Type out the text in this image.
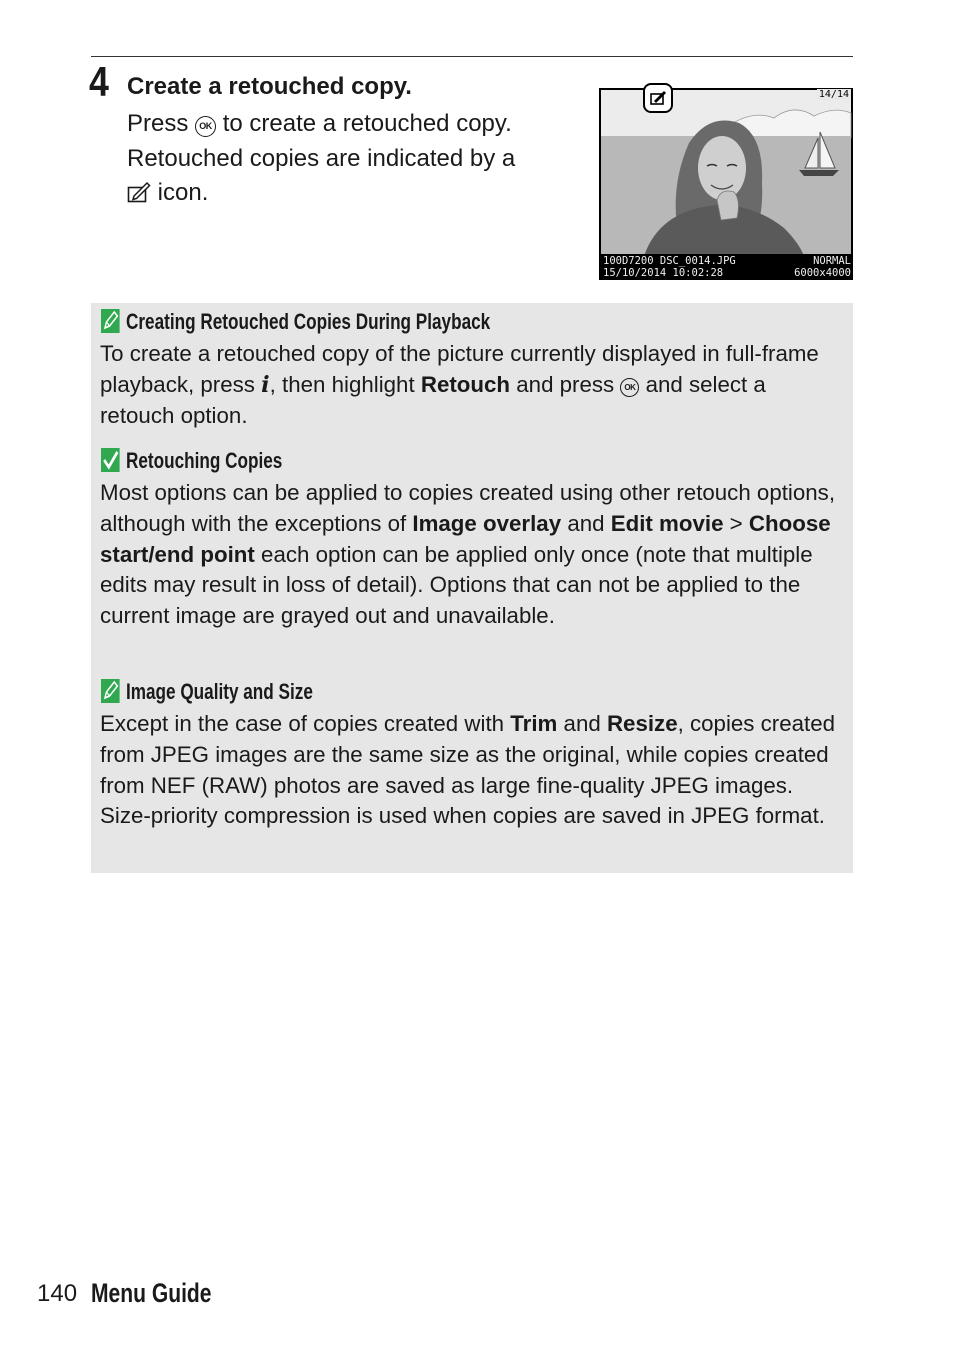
4 Create a retouched copy.
Press OK to create a retouched copy.
Retouched copies are indicated by a
icon.
14/14
100D7200 DSC_0014.JPG	NORMAL
15/10/2014 10:02:28	6000x4000
Creating Retouched Copies During Playback
To create a retouched copy of the picture currently displayed in full-frame playback, press i, then highlight Retouch and press OK and select a retouch option.
Retouching Copies
Most options can be applied to copies created using other retouch options, although with the exceptions of Image overlay and Edit movie > Choose start/end point each option can be applied only once (note that multiple edits may result in loss of detail). Options that can not be applied to the current image are grayed out and unavailable.
Image Quality and Size
Except in the case of copies created with Trim and Resize, copies created from JPEG images are the same size as the original, while copies created from NEF (RAW) photos are saved as large fine-quality JPEG images. Size-priority compression is used when copies are saved in JPEG format.
140 Menu Guide
